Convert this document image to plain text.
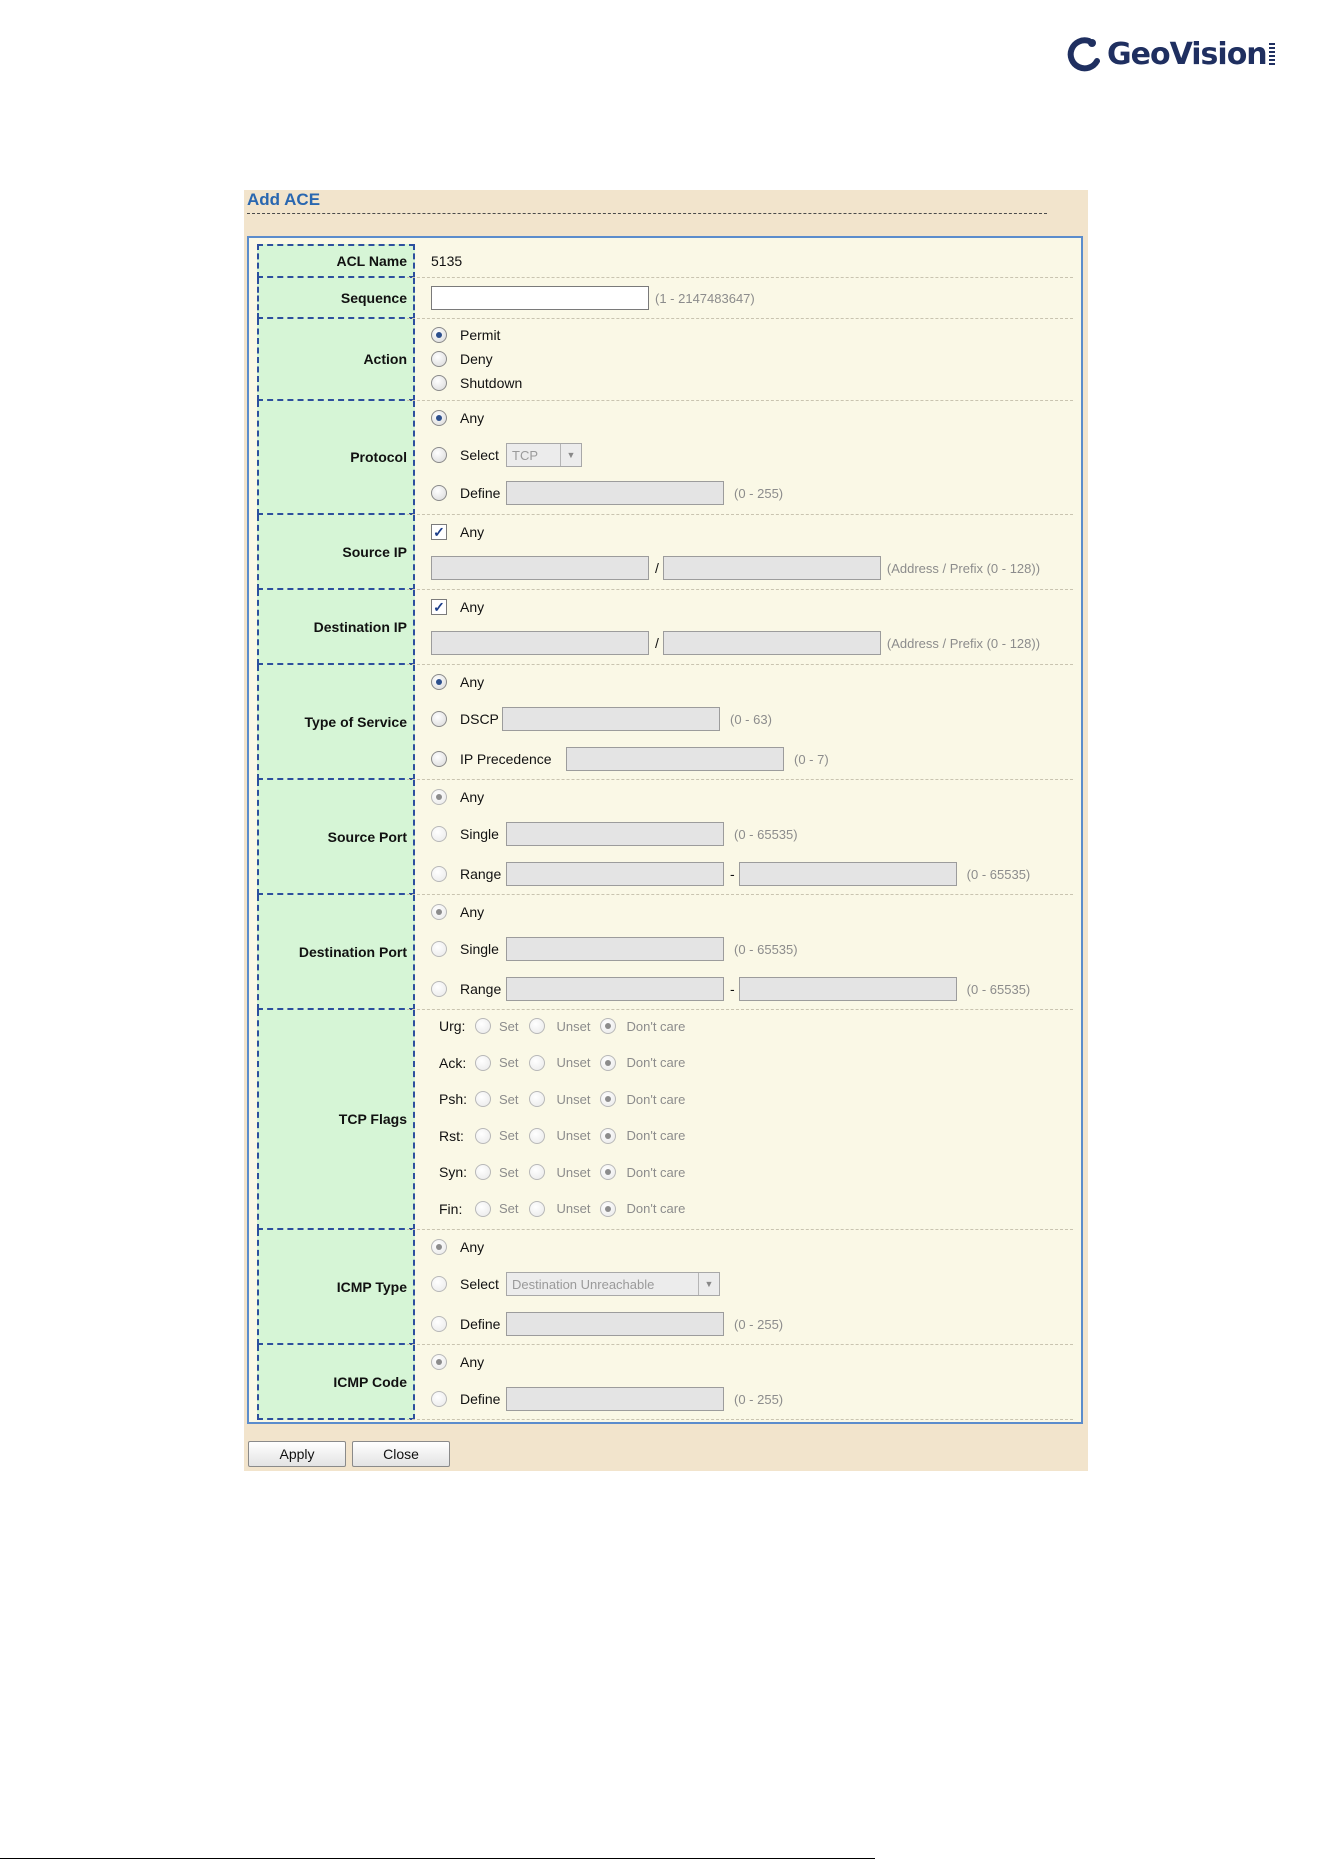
GeoVision
Add ACE
ACL Name	5135
Sequence	(1 - 2147483647)
Action
Permit
Deny
Shutdown
Protocol
Any
Select	TCP	▼
Define	(0 - 255)
Source IP
✓ Any
/	(Address / Prefix (0 - 128))
Destination IP
✓ Any
/	(Address / Prefix (0 - 128))
Type of Service
Any
DSCP	(0 - 63)
IP Precedence	(0 - 7)
Source Port
Any
Single	(0 - 65535)
Range	-	(0 - 65535)
Destination Port
Any
Single	(0 - 65535)
Range	-	(0 - 65535)
TCP Flags
Urg:	Set	Unset	Don't care
Ack:	Set	Unset	Don't care
Psh:	Set	Unset	Don't care
Rst:	Set	Unset	Don't care
Syn:	Set	Unset	Don't care
Fin:	Set	Unset	Don't care
ICMP Type
Any
Select	Destination Unreachable	▼
Define	(0 - 255)
ICMP Code
Any
Define	(0 - 255)
Apply	Close
